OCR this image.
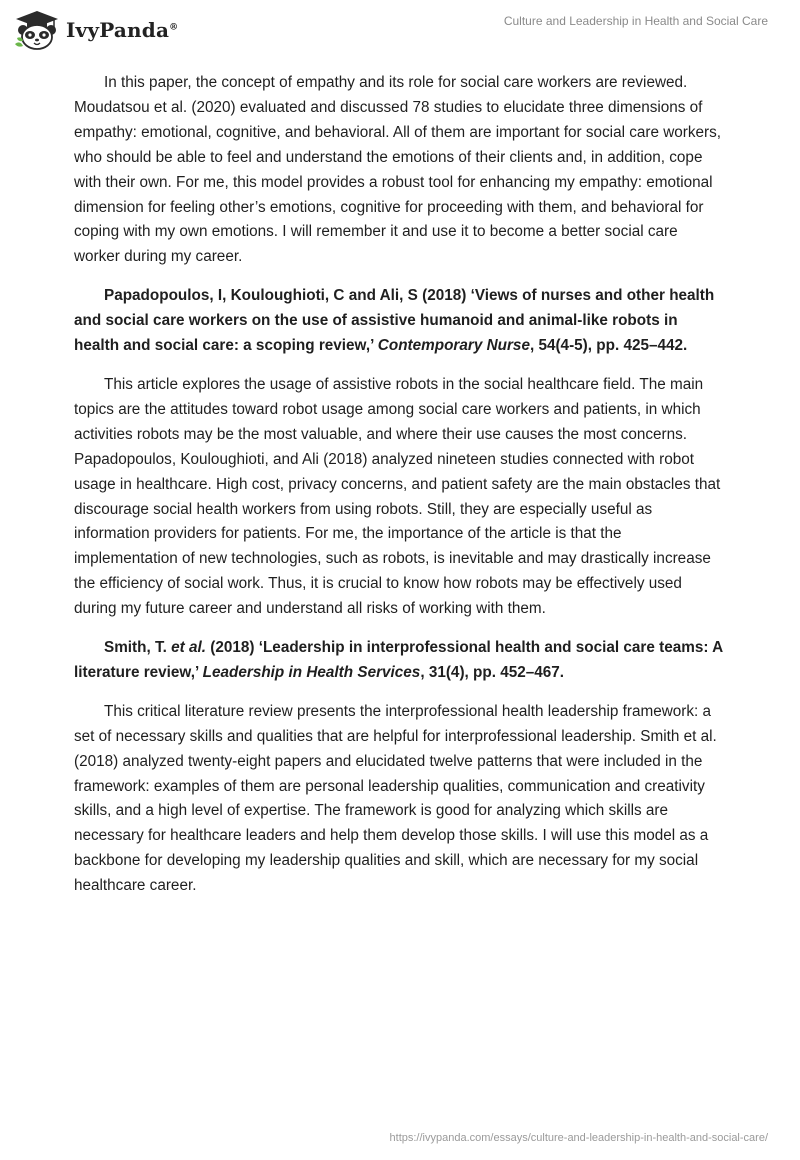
IvyPanda®	Culture and Leadership in Health and Social Care

In this paper, the concept of empathy and its role for social care workers are reviewed. Moudatsou et al. (2020) evaluated and discussed 78 studies to elucidate three dimensions of empathy: emotional, cognitive, and behavioral. All of them are important for social care workers, who should be able to feel and understand the emotions of their clients and, in addition, cope with their own. For me, this model provides a robust tool for enhancing my empathy: emotional dimension for feeling other’s emotions, cognitive for proceeding with them, and behavioral for coping with my own emotions. I will remember it and use it to become a better social care worker during my career.

Papadopoulos, I, Kouloughioti, C and Ali, S (2018) ‘Views of nurses and other health and social care workers on the use of assistive humanoid and animal-like robots in health and social care: a scoping review,’ Contemporary Nurse, 54(4-5), pp. 425–442.

This article explores the usage of assistive robots in the social healthcare field. The main topics are the attitudes toward robot usage among social care workers and patients, in which activities robots may be the most valuable, and where their use causes the most concerns. Papadopoulos, Kouloughioti, and Ali (2018) analyzed nineteen studies connected with robot usage in healthcare. High cost, privacy concerns, and patient safety are the main obstacles that discourage social health workers from using robots. Still, they are especially useful as information providers for patients. For me, the importance of the article is that the implementation of new technologies, such as robots, is inevitable and may drastically increase the efficiency of social work. Thus, it is crucial to know how robots may be effectively used during my future career and understand all risks of working with them.

Smith, T. et al. (2018) ‘Leadership in interprofessional health and social care teams: A literature review,’ Leadership in Health Services, 31(4), pp. 452–467.

This critical literature review presents the interprofessional health leadership framework: a set of necessary skills and qualities that are helpful for interprofessional leadership. Smith et al. (2018) analyzed twenty-eight papers and elucidated twelve patterns that were included in the framework: examples of them are personal leadership qualities, communication and creativity skills, and a high level of expertise. The framework is good for analyzing which skills are necessary for healthcare leaders and help them develop those skills. I will use this model as a backbone for developing my leadership qualities and skill, which are necessary for my social healthcare career.

https://ivypanda.com/essays/culture-and-leadership-in-health-and-social-care/
